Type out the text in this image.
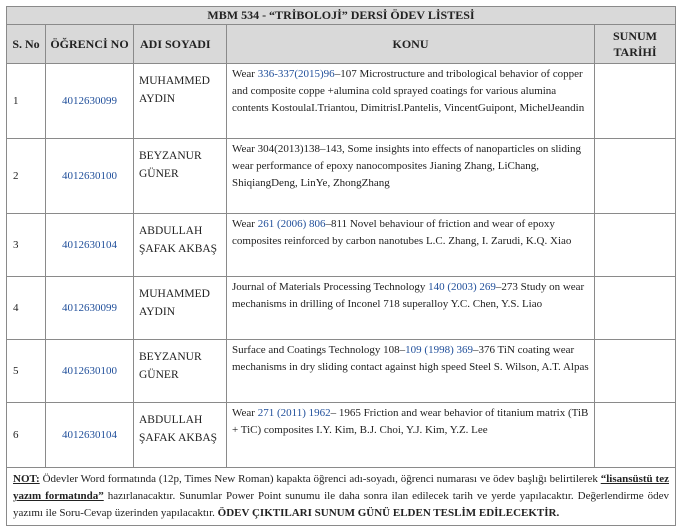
MBM 534 - “TRİBOLOJİ” DERSİ ÖDEV LİSTESİ				
S. No	ÖĞRENCİ NO	ADI SOYADI	KONU	SUNUM TARİHİ
1	4012630099	MUHAMMED AYDIN	Wear 336-337(2015)96–107 Microstructure and tribological behavior of copper and composite coppe +alumina cold sprayed coatings for various alumina contents KostoulaI.Triantou, DimitrisI.Pantelis, VincentGuipont, MichelJeandin	
2	4012630100	BEYZANUR GÜNER	Wear 304(2013)138–143, Some insights into effects of nanoparticles on sliding wear performance of epoxy nanocomposites Jianing Zhang, LiChang, ShiqiangDeng, LinYe, ZhongZhang	
3	4012630104	ABDULLAH ŞAFAK AKBAŞ	Wear 261 (2006) 806–811 Novel behaviour of friction and wear of epoxy composites reinforced by carbon nanotubes L.C. Zhang, I. Zarudi, K.Q. Xiao	
4	4012630099	MUHAMMED AYDIN	Journal of Materials Processing Technology 140 (2003) 269–273 Study on wear mechanisms in drilling of Inconel 718 superalloy Y.C. Chen, Y.S. Liao	
5	4012630100	BEYZANUR GÜNER	Surface and Coatings Technology 108–109 (1998) 369–376 TiN coating wear mechanisms in dry sliding contact against high speed Steel S. Wilson, A.T. Alpas	
6	4012630104	ABDULLAH ŞAFAK AKBAŞ	Wear 271 (2011) 1962– 1965 Friction and wear behavior of titanium matrix (TiB + TiC) composites I.Y. Kim, B.J. Choi, Y.J. Kim, Y.Z. Lee	
NOT: Ödevler Word formatında (12p, Times New Roman) kapakta öğrenci adı-soyadı, öğrenci numarası ve ödev başlığı belirtilerek “lisansüstü tez yazım formatında” hazırlanacaktır. Sunumlar Power Point sunumu ile daha sonra ilan edilecek tarih ve yerde yapılacaktır. Değerlendirme ödev yazımı ile Soru-Cevap üzerinden yapılacaktır. ÖDEV ÇIKTILARI SUNUM GÜNÜ ELDEN TESLİM EDİLECEKTİR.				
